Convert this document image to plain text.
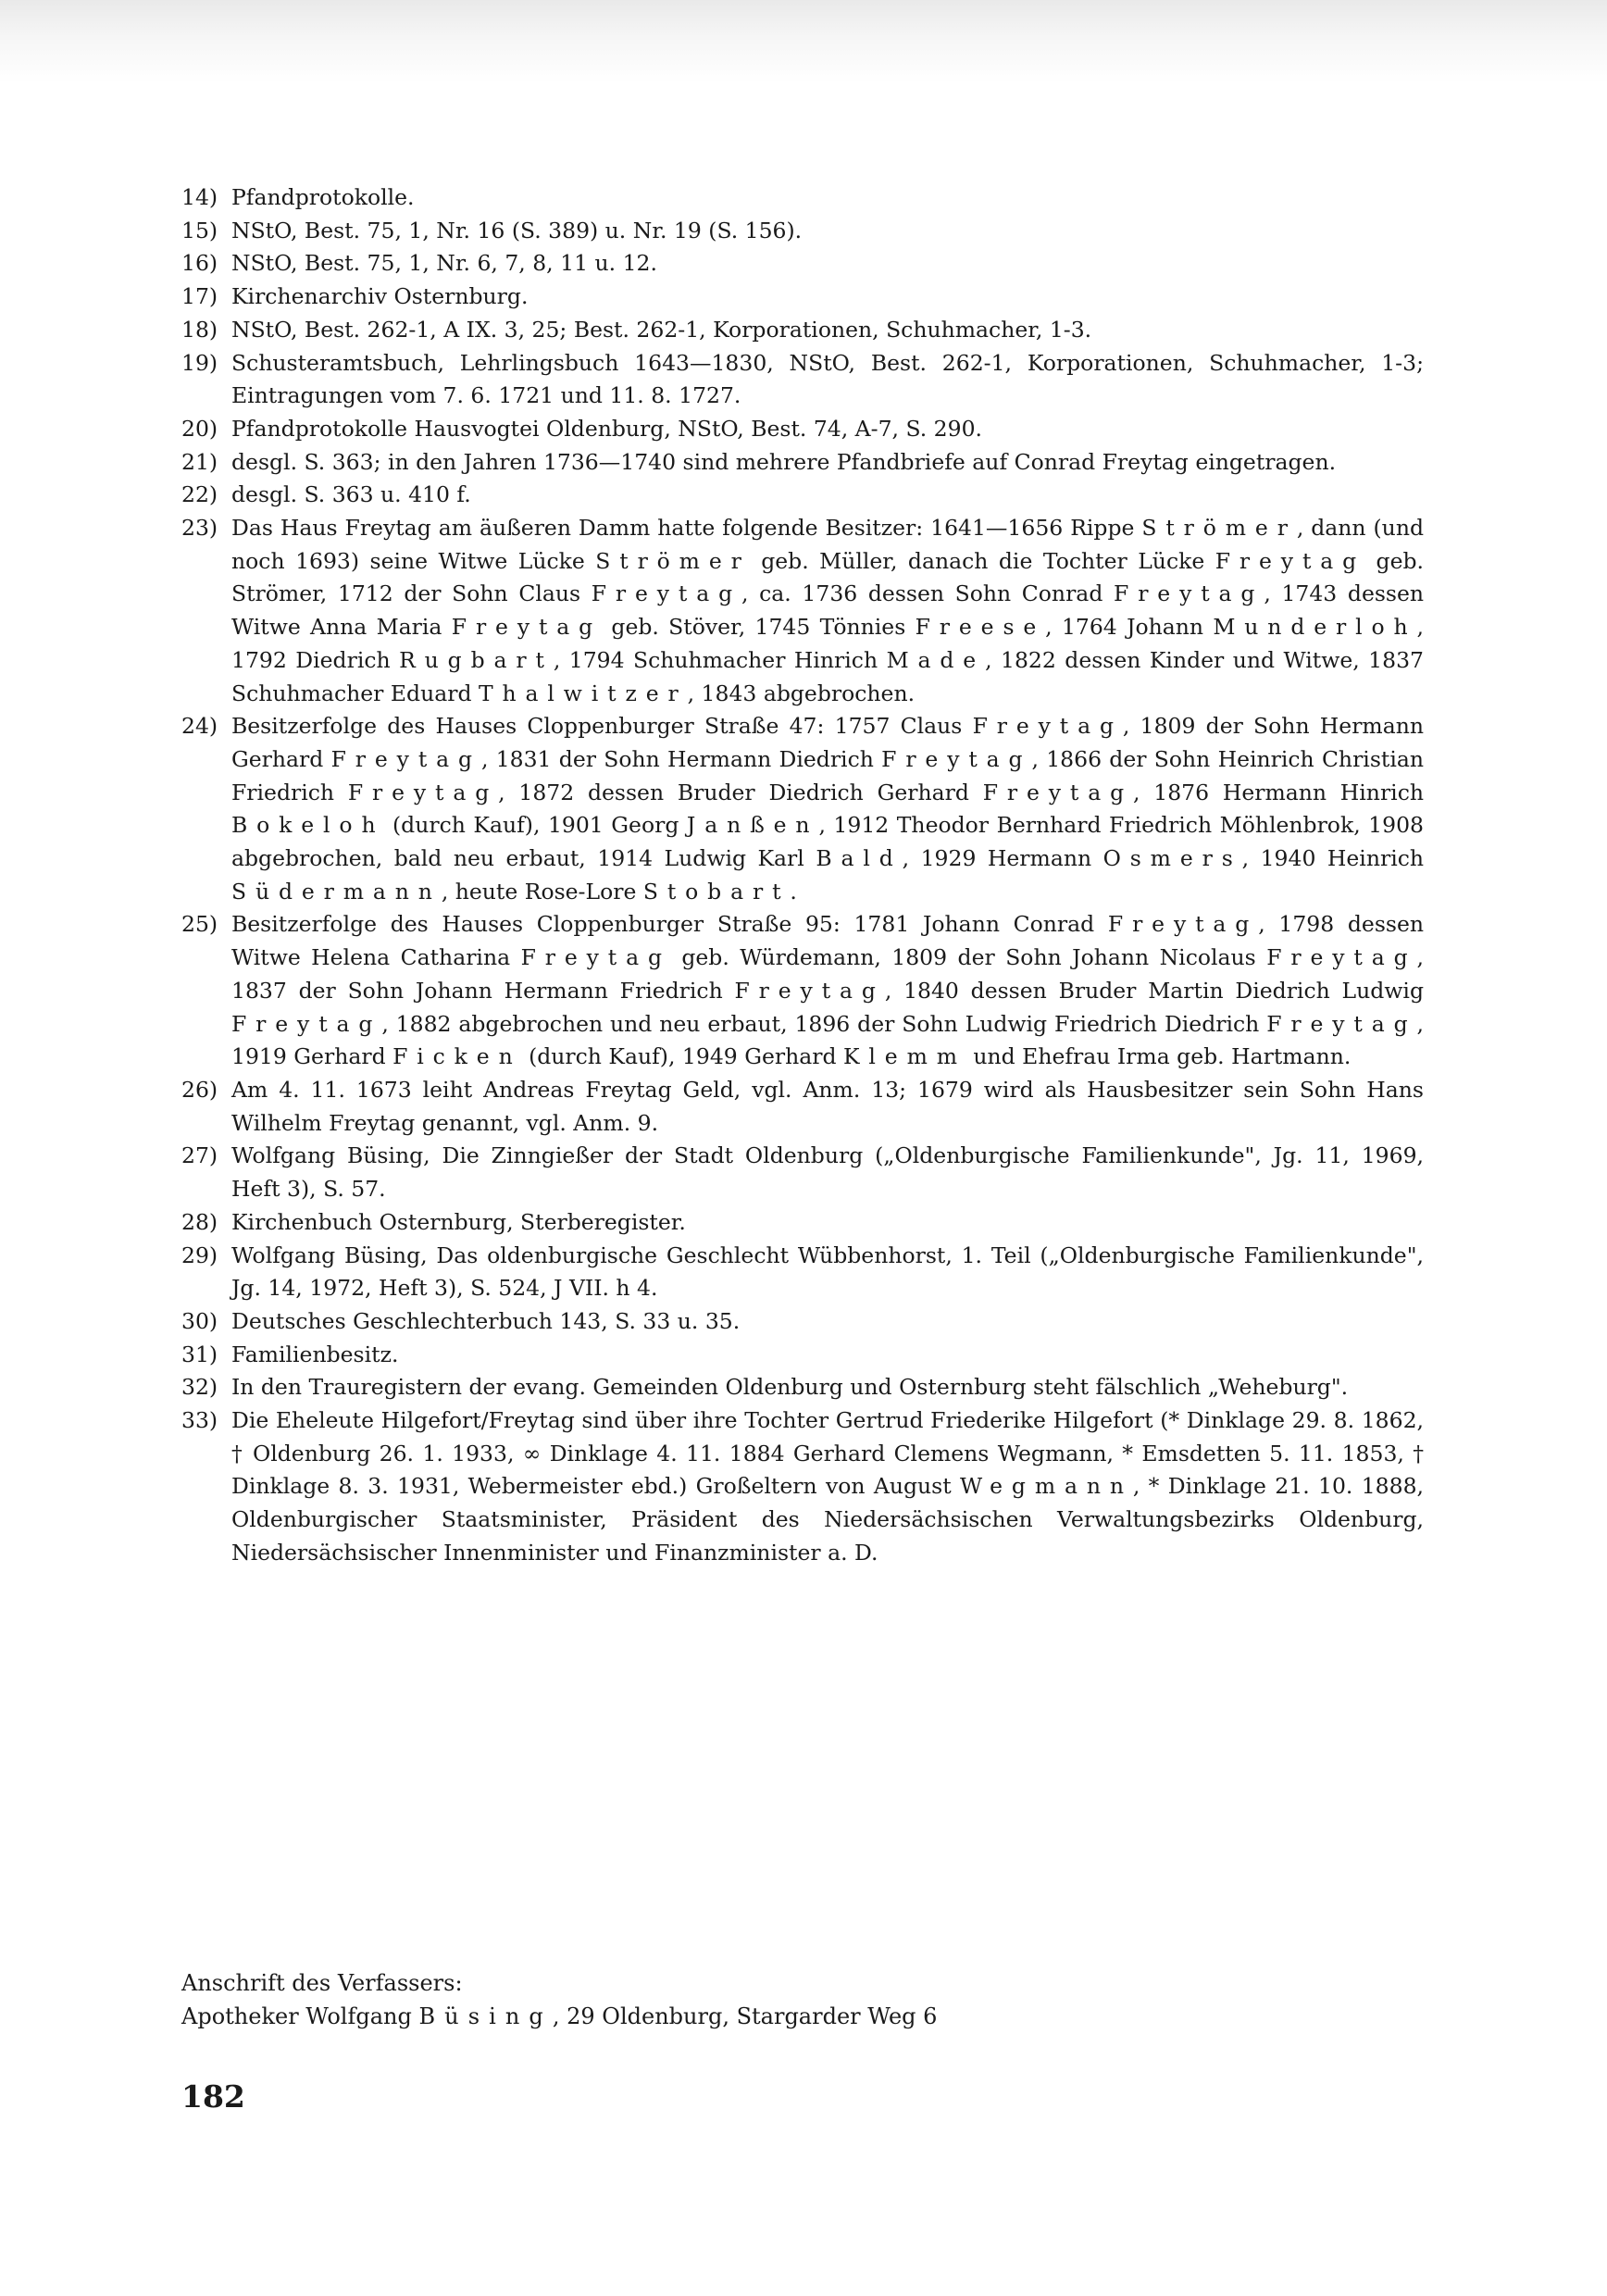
14) Pfandprotokolle.
15) NStO, Best. 75, 1, Nr. 16 (S. 389) u. Nr. 19 (S. 156).
16) NStO, Best. 75, 1, Nr. 6, 7, 8, 11 u. 12.
17) Kirchenarchiv Osternburg.
18) NStO, Best. 262-1, A IX. 3, 25; Best. 262-1, Korporationen, Schuhmacher, 1-3.
19) Schusteramtsbuch, Lehrlingsbuch 1643—1830, NStO, Best. 262-1, Korporationen, Schuhmacher, 1-3; Eintragungen vom 7. 6. 1721 und 11. 8. 1727.
20) Pfandprotokolle Hausvogtei Oldenburg, NStO, Best. 74, A-7, S. 290.
21) desgl. S. 363; in den Jahren 1736—1740 sind mehrere Pfandbriefe auf Conrad Freytag eingetragen.
22) desgl. S. 363 u. 410 f.
23) Das Haus Freytag am äußeren Damm hatte folgende Besitzer: 1641—1656 Rippe Strömer, dann (und noch 1693) seine Witwe Lücke Strömer geb. Müller, danach die Tochter Lücke Freytag geb. Strömer, 1712 der Sohn Claus Freytag, ca. 1736 dessen Sohn Conrad Freytag, 1743 dessen Witwe Anna Maria Freytag geb. Stöver, 1745 Tönnies Freese, 1764 Johann Munderloh, 1792 Diedrich Rugbart, 1794 Schuhmacher Hinrich Made, 1822 dessen Kinder und Witwe, 1837 Schuhmacher Eduard Thalwitzer, 1843 abgebrochen.
24) Besitzerfolge des Hauses Cloppenburger Straße 47: 1757 Claus Freytag, 1809 der Sohn Hermann Gerhard Freytag, 1831 der Sohn Hermann Diedrich Freytag, 1866 der Sohn Heinrich Christian Friedrich Freytag, 1872 dessen Bruder Diedrich Gerhard Freytag, 1876 Hermann Hinrich Bokeloh (durch Kauf), 1901 Georg Janßen, 1912 Theodor Bernhard Friedrich Möhlenbrok, 1908 abgebrochen, bald neu erbaut, 1914 Ludwig Karl Bald, 1929 Hermann Osmers, 1940 Heinrich Südermann, heute Rose-Lore Stobart.
25) Besitzerfolge des Hauses Cloppenburger Straße 95: 1781 Johann Conrad Freytag, 1798 dessen Witwe Helena Catharina Freytag geb. Würdemann, 1809 der Sohn Johann Nicolaus Freytag, 1837 der Sohn Johann Hermann Friedrich Freytag, 1840 dessen Bruder Martin Diedrich Ludwig Freytag, 1882 abgebrochen und neu erbaut, 1896 der Sohn Ludwig Friedrich Diedrich Freytag, 1919 Gerhard Ficken (durch Kauf), 1949 Gerhard Klemm und Ehefrau Irma geb. Hartmann.
26) Am 4. 11. 1673 leiht Andreas Freytag Geld, vgl. Anm. 13; 1679 wird als Hausbesitzer sein Sohn Hans Wilhelm Freytag genannt, vgl. Anm. 9.
27) Wolfgang Büsing, Die Zinngießer der Stadt Oldenburg („Oldenburgische Familienkunde", Jg. 11, 1969, Heft 3), S. 57.
28) Kirchenbuch Osternburg, Sterberegister.
29) Wolfgang Büsing, Das oldenburgische Geschlecht Wübbenhorst, 1. Teil („Oldenburgische Familienkunde", Jg. 14, 1972, Heft 3), S. 524, J VII. h 4.
30) Deutsches Geschlechterbuch 143, S. 33 u. 35.
31) Familienbesitz.
32) In den Trauregistern der evang. Gemeinden Oldenburg und Osternburg steht fälschlich „Weheburg".
33) Die Eheleute Hilgefort/Freytag sind über ihre Tochter Gertrud Friederike Hilgefort (* Dinklage 29. 8. 1862, † Oldenburg 26. 1. 1933, ∞ Dinklage 4. 11. 1884 Gerhard Clemens Wegmann, * Emsdetten 5. 11. 1853, † Dinklage 8. 3. 1931, Webermeister ebd.) Großeltern von August Wegmann, * Dinklage 21. 10. 1888, Oldenburgischer Staatsminister, Präsident des Niedersächsischen Verwaltungsbezirks Oldenburg, Niedersächsischer Innenminister und Finanzminister a. D.
Anschrift des Verfassers:
Apotheker Wolfgang Büsing, 29 Oldenburg, Stargarder Weg 6
182
